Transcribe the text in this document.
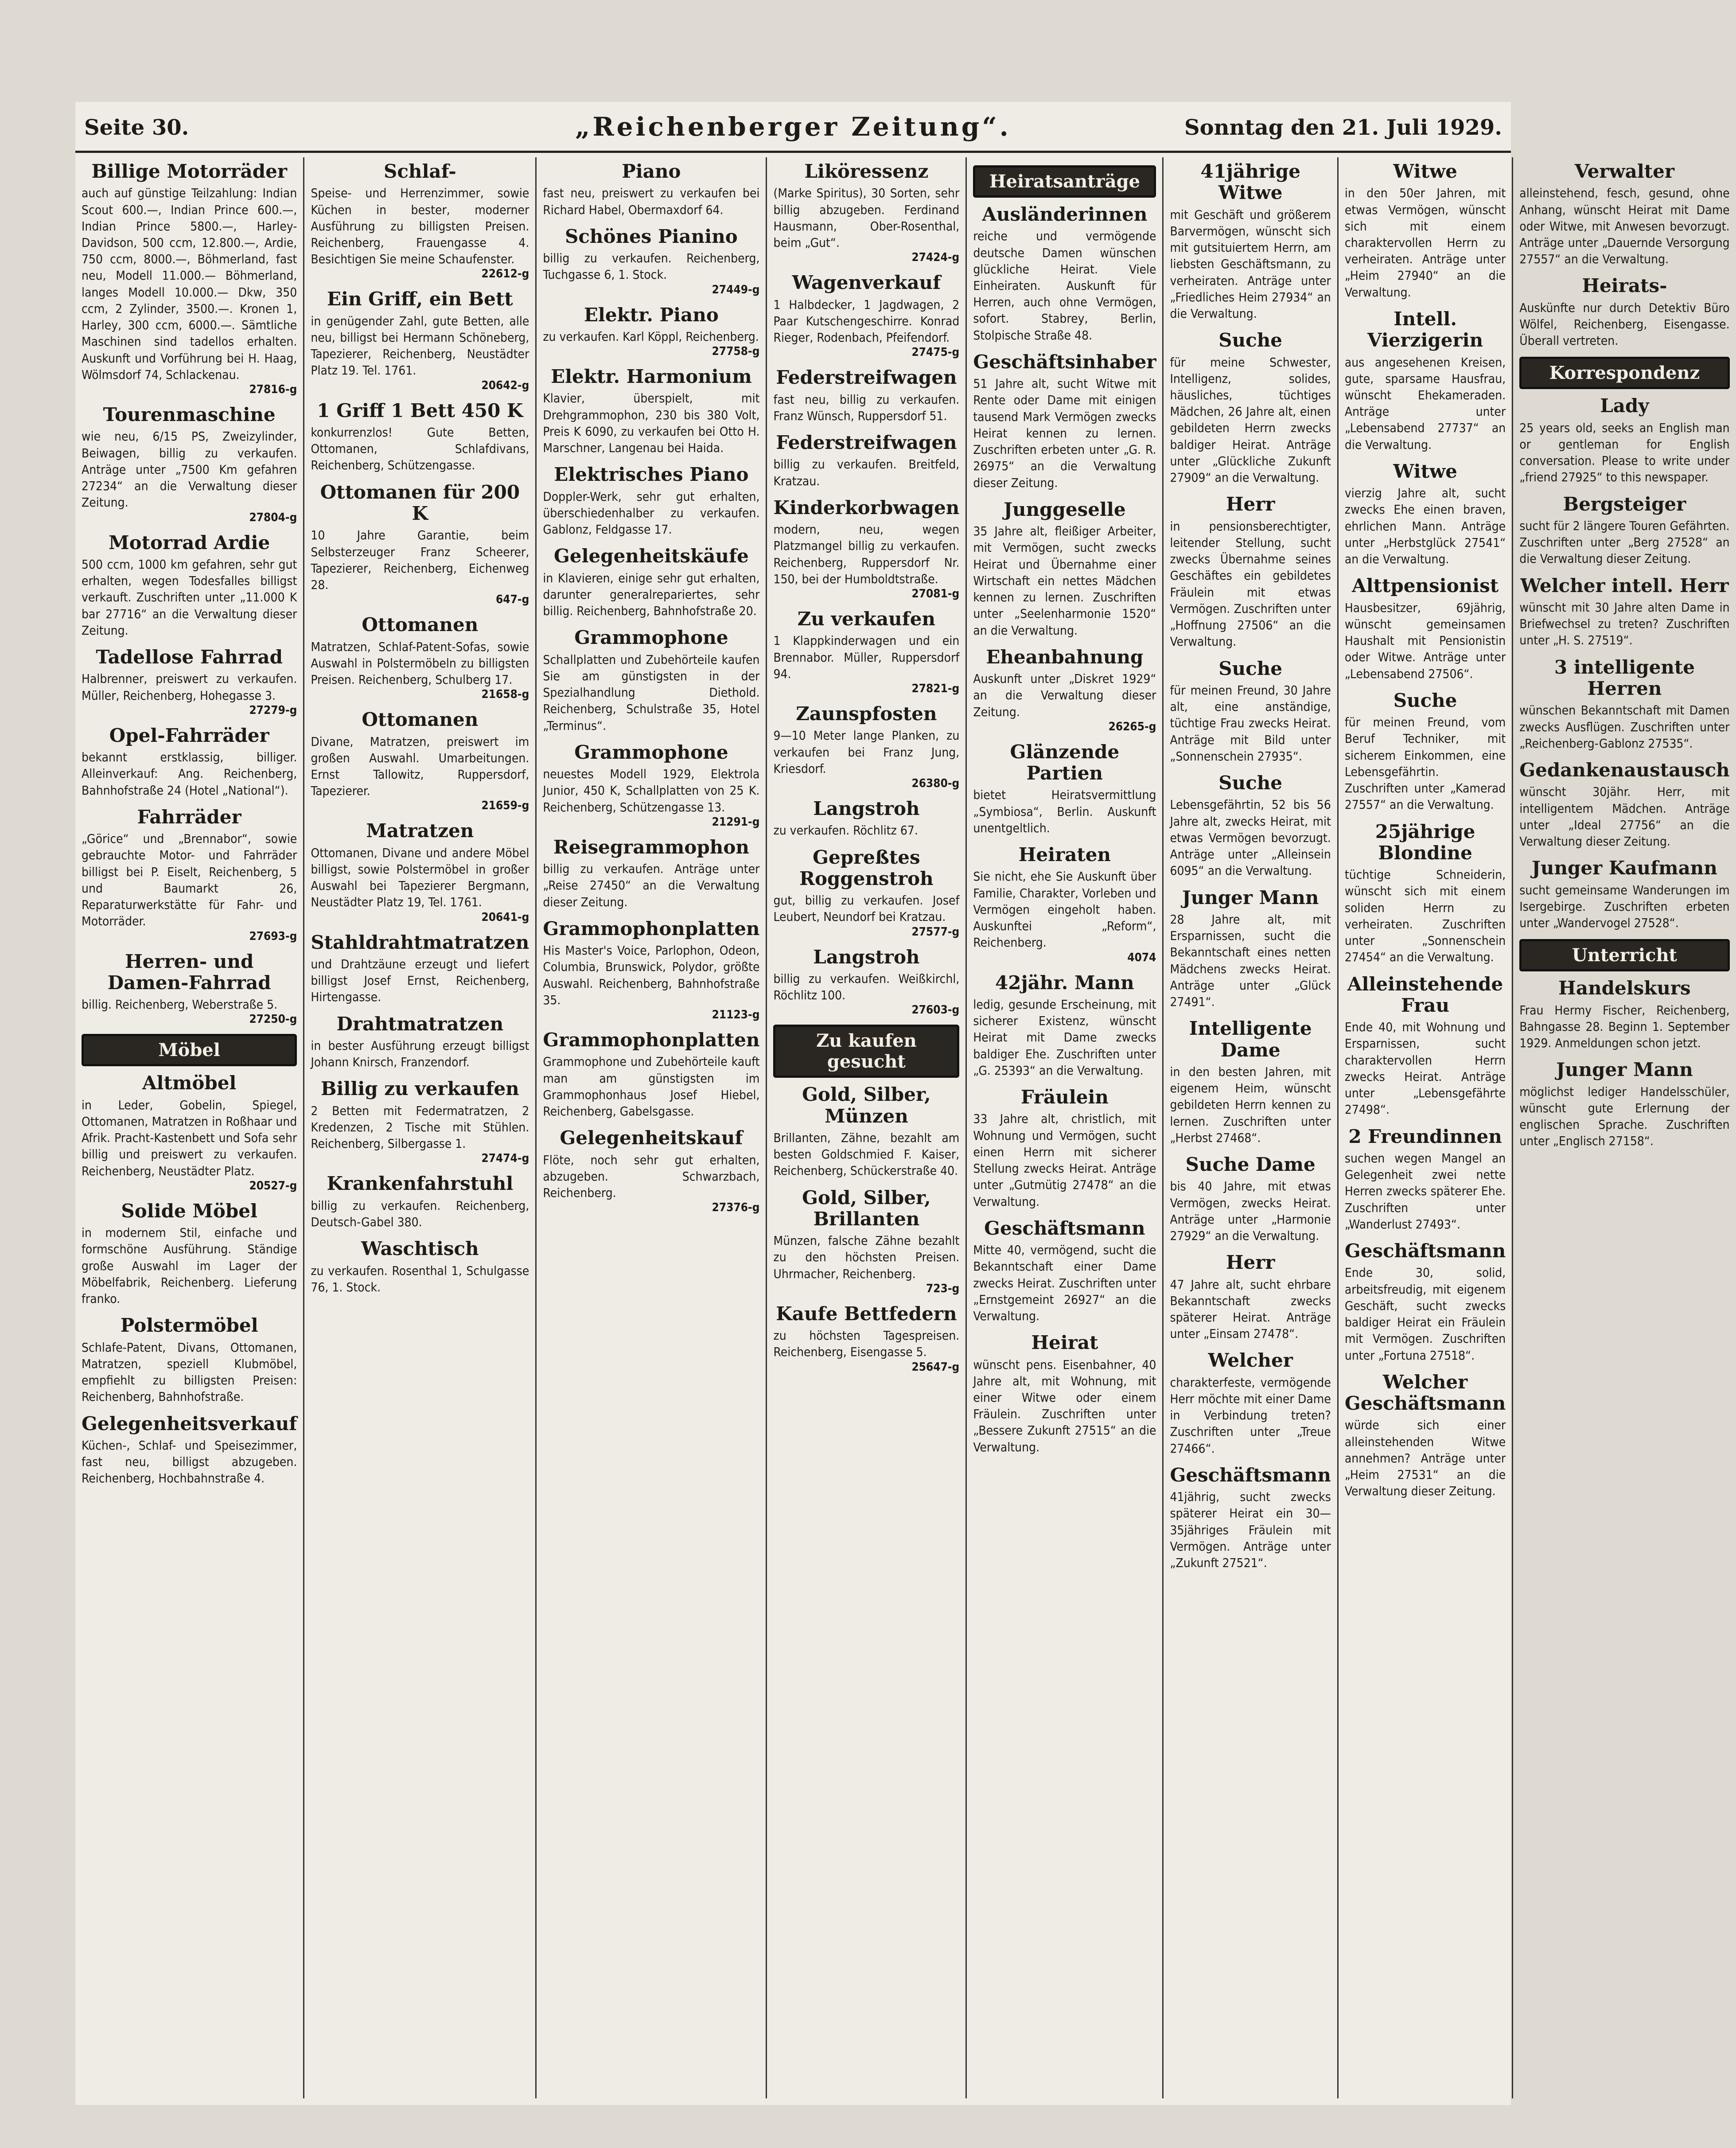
Seite 30.	„Reichenberger Zeitung“.	Sonntag den 21. Juli 1929.
Billige Motorräder

auch auf günstige Teilzahlung: Indian Scout 600.—, Indian Prince 600.—, Indian Prince 5800.—, Harley-Davidson, 500 ccm, 12.800.—, Ardie, 750 ccm, 8000.—, Böhmerland, fast neu, Modell 11.000.— Böhmerland, langes Modell 10.000.— Dkw, 350 ccm, 2 Zylinder, 3500.—. Kronen 1, Harley, 300 ccm, 6000.—. Sämtliche Maschinen sind tadellos erhalten. Auskunft und Vorführung bei H. Haag, Wölmsdorf 74, Schlackenau.

27816-g
Tourenmaschine

wie neu, 6/15 PS, Zweizylinder, Beiwagen, billig zu verkaufen. Anträge unter „7500 Km gefahren 27234“ an die Verwaltung dieser Zeitung.

27804-g
Motorrad Ardie

500 ccm, 1000 km gefahren, sehr gut erhalten, wegen Todesfalles billigst verkauft. Zuschriften unter „11.000 K bar 27716“ an die Verwaltung dieser Zeitung.

Tadellose Fahrrad

Halbrenner, preiswert zu verkaufen. Müller, Reichenberg, Hohegasse 3.

27279-g
Opel-Fahrräder

bekannt erstklassig, billiger. Alleinverkauf: Ang. Reichenberg, Bahnhofstraße 24 (Hotel „National“).

Fahrräder

„Görice“ und „Brennabor“, sowie gebrauchte Motor- und Fahrräder billigst bei P. Eiselt, Reichenberg, 5 und Baumarkt 26, Reparaturwerkstätte für Fahr- und Motorräder.

27693-g
Herren- und Damen-Fahrrad

billig. Reichenberg, Weberstraße 5.

27250-g
Möbel
Altmöbel

in Leder, Gobelin, Spiegel, Ottomanen, Matratzen in Roßhaar und Afrik. Pracht-Kastenbett und Sofa sehr billig und preiswert zu verkaufen. Reichenberg, Neustädter Platz.

20527-g
Solide Möbel

in modernem Stil, einfache und formschöne Ausführung. Ständige große Auswahl im Lager der Möbelfabrik, Reichenberg. Lieferung franko.

Polstermöbel

Schlafe-Patent, Divans, Ottomanen, Matratzen, speziell Klubmöbel, empfiehlt zu billigsten Preisen: Reichenberg, Bahnhofstraße.

Gelegenheitsverkauf

Küchen-, Schlaf- und Speisezimmer, fast neu, billigst abzugeben. Reichenberg, Hochbahnstraße 4.

Schlaf-

Speise- und Herrenzimmer, sowie Küchen in bester, moderner Ausführung zu billigsten Preisen. Reichenberg, Frauengasse 4. Besichtigen Sie meine Schaufenster.

22612-g
Ein Griff, ein Bett

in genügender Zahl, gute Betten, alle neu, billigst bei Hermann Schöneberg, Tapezierer, Reichenberg, Neustädter Platz 19. Tel. 1761.

20642-g
1 Griff 1 Bett 450 K

konkurrenzlos! Gute Betten, Ottomanen, Schlafdivans, Reichenberg, Schützengasse.

Ottomanen für 200 K

10 Jahre Garantie, beim Selbsterzeuger Franz Scheerer, Tapezierer, Reichenberg, Eichenweg 28.

647-g
Ottomanen

Matratzen, Schlaf-Patent-Sofas, sowie Auswahl in Polstermöbeln zu billigsten Preisen. Reichenberg, Schulberg 17.

21658-g
Ottomanen

Divane, Matratzen, preiswert im großen Auswahl. Umarbeitungen. Ernst Tallowitz, Ruppersdorf, Tapezierer.

21659-g
Matratzen

Ottomanen, Divane und andere Möbel billigst, sowie Polstermöbel in großer Auswahl bei Tapezierer Bergmann, Neustädter Platz 19, Tel. 1761.

20641-g
Stahldrahtmatratzen

und Drahtzäune erzeugt und liefert billigst Josef Ernst, Reichenberg, Hirtengasse.

Drahtmatratzen

in bester Ausführung erzeugt billigst Johann Knirsch, Franzendorf.

Billig zu verkaufen

2 Betten mit Federmatratzen, 2 Kredenzen, 2 Tische mit Stühlen. Reichenberg, Silbergasse 1.

27474-g
Krankenfahrstuhl

billig zu verkaufen. Reichenberg, Deutsch-Gabel 380.

Waschtisch

zu verkaufen. Rosenthal 1, Schulgasse 76, 1. Stock.

Piano

fast neu, preiswert zu verkaufen bei Richard Habel, Obermaxdorf 64.

Schönes Pianino

billig zu verkaufen. Reichenberg, Tuchgasse 6, 1. Stock.

27449-g
Elektr. Piano

zu verkaufen. Karl Köppl, Reichenberg.

27758-g
Elektr. Harmonium

Klavier, überspielt, mit Drehgrammophon, 230 bis 380 Volt, Preis K 6090, zu verkaufen bei Otto H. Marschner, Langenau bei Haida.

Elektrisches Piano

Doppler-Werk, sehr gut erhalten, überschiedenhalber zu verkaufen. Gablonz, Feldgasse 17.

Gelegenheitskäufe

in Klavieren, einige sehr gut erhalten, darunter generalrepariertes, sehr billig. Reichenberg, Bahnhofstraße 20.

Grammophone

Schallplatten und Zubehörteile kaufen Sie am günstigsten in der Spezialhandlung Diethold. Reichenberg, Schulstraße 35, Hotel „Terminus“.

Grammophone

neuestes Modell 1929, Elektrola Junior, 450 K, Schallplatten von 25 K. Reichenberg, Schützengasse 13.

21291-g
Reisegrammophon

billig zu verkaufen. Anträge unter „Reise 27450“ an die Verwaltung dieser Zeitung.

Grammophonplatten

His Master's Voice, Parlophon, Odeon, Columbia, Brunswick, Polydor, größte Auswahl. Reichenberg, Bahnhofstraße 35.

21123-g
Grammophonplatten

Grammophone und Zubehörteile kauft man am günstigsten im Grammophonhaus Josef Hiebel, Reichenberg, Gabelsgasse.

Gelegenheitskauf

Flöte, noch sehr gut erhalten, abzugeben. Schwarzbach, Reichenberg.

27376-g
Liköressenz

(Marke Spiritus), 30 Sorten, sehr billig abzugeben. Ferdinand Hausmann, Ober-Rosenthal, beim „Gut“.

27424-g
Wagenverkauf

1 Halbdecker, 1 Jagdwagen, 2 Paar Kutschengeschirre. Konrad Rieger, Rodenbach, Pfeifendorf.

27475-g
Federstreifwagen

fast neu, billig zu verkaufen. Franz Wünsch, Ruppersdorf 51.

Federstreifwagen

billig zu verkaufen. Breitfeld, Kratzau.

Kinderkorbwagen

modern, neu, wegen Platzmangel billig zu verkaufen. Reichenberg, Ruppersdorf Nr. 150, bei der Humboldtstraße.

27081-g
Zu verkaufen

1 Klappkinderwagen und ein Brennabor. Müller, Ruppersdorf 94.

27821-g
Zaunspfosten

9—10 Meter lange Planken, zu verkaufen bei Franz Jung, Kriesdorf.

26380-g
Langstroh

zu verkaufen. Röchlitz 67.

Gepreßtes Roggenstroh

gut, billig zu verkaufen. Josef Leubert, Neundorf bei Kratzau.

27577-g
Langstroh

billig zu verkaufen. Weißkirchl, Röchlitz 100.

27603-g
Zu kaufen gesucht
Gold, Silber, Münzen

Brillanten, Zähne, bezahlt am besten Goldschmied F. Kaiser, Reichenberg, Schückerstraße 40.

Gold, Silber, Brillanten

Münzen, falsche Zähne bezahlt zu den höchsten Preisen. Uhrmacher, Reichenberg.

723-g
Kaufe Bettfedern

zu höchsten Tagespreisen. Reichenberg, Eisengasse 5.

25647-g
Heiratsanträge
Ausländerinnen

reiche und vermögende deutsche Damen wünschen glückliche Heirat. Viele Einheiraten. Auskunft für Herren, auch ohne Vermögen, sofort. Stabrey, Berlin, Stolpische Straße 48.

Geschäftsinhaber

51 Jahre alt, sucht Witwe mit Rente oder Dame mit einigen tausend Mark Vermögen zwecks Heirat kennen zu lernen. Zuschriften erbeten unter „G. R. 26975“ an die Verwaltung dieser Zeitung.

Junggeselle

35 Jahre alt, fleißiger Arbeiter, mit Vermögen, sucht zwecks Heirat und Übernahme einer Wirtschaft ein nettes Mädchen kennen zu lernen. Zuschriften unter „Seelenharmonie 1520“ an die Verwaltung.

Eheanbahnung

Auskunft unter „Diskret 1929“ an die Verwaltung dieser Zeitung.

26265-g
Glänzende Partien

bietet Heiratsvermittlung „Symbiosa“, Berlin. Auskunft unentgeltlich.

Heiraten

Sie nicht, ehe Sie Auskunft über Familie, Charakter, Vorleben und Vermögen eingeholt haben. Auskunftei „Reform“, Reichenberg.

4074
42jähr. Mann

ledig, gesunde Erscheinung, mit sicherer Existenz, wünscht Heirat mit Dame zwecks baldiger Ehe. Zuschriften unter „G. 25393“ an die Verwaltung.

Fräulein

33 Jahre alt, christlich, mit Wohnung und Vermögen, sucht einen Herrn mit sicherer Stellung zwecks Heirat. Anträge unter „Gutmütig 27478“ an die Verwaltung.

Geschäftsmann

Mitte 40, vermögend, sucht die Bekanntschaft einer Dame zwecks Heirat. Zuschriften unter „Ernstgemeint 26927“ an die Verwaltung.

Heirat

wünscht pens. Eisenbahner, 40 Jahre alt, mit Wohnung, mit einer Witwe oder einem Fräulein. Zuschriften unter „Bessere Zukunft 27515“ an die Verwaltung.

41jährige Witwe

mit Geschäft und größerem Barvermögen, wünscht sich mit gutsituiertem Herrn, am liebsten Geschäftsmann, zu verheiraten. Anträge unter „Friedliches Heim 27934“ an die Verwaltung.

Suche

für meine Schwester, Intelligenz, solides, häusliches, tüchtiges Mädchen, 26 Jahre alt, einen gebildeten Herrn zwecks baldiger Heirat. Anträge unter „Glückliche Zukunft 27909“ an die Verwaltung.

Herr

in pensionsberechtigter, leitender Stellung, sucht zwecks Übernahme seines Geschäftes ein gebildetes Fräulein mit etwas Vermögen. Zuschriften unter „Hoffnung 27506“ an die Verwaltung.

Suche

für meinen Freund, 30 Jahre alt, eine anständige, tüchtige Frau zwecks Heirat. Anträge mit Bild unter „Sonnenschein 27935“.

Suche

Lebensgefährtin, 52 bis 56 Jahre alt, zwecks Heirat, mit etwas Vermögen bevorzugt. Anträge unter „Alleinsein 6095“ an die Verwaltung.

Junger Mann

28 Jahre alt, mit Ersparnissen, sucht die Bekanntschaft eines netten Mädchens zwecks Heirat. Anträge unter „Glück 27491“.

Intelligente Dame

in den besten Jahren, mit eigenem Heim, wünscht gebildeten Herrn kennen zu lernen. Zuschriften unter „Herbst 27468“.

Suche Dame

bis 40 Jahre, mit etwas Vermögen, zwecks Heirat. Anträge unter „Harmonie 27929“ an die Verwaltung.

Herr

47 Jahre alt, sucht ehrbare Bekanntschaft zwecks späterer Heirat. Anträge unter „Einsam 27478“.

Welcher

charakterfeste, vermögende Herr möchte mit einer Dame in Verbindung treten? Zuschriften unter „Treue 27466“.

Geschäftsmann

41jährig, sucht zwecks späterer Heirat ein 30—35jähriges Fräulein mit Vermögen. Anträge unter „Zukunft 27521“.

Witwe

in den 50er Jahren, mit etwas Vermögen, wünscht sich mit einem charaktervollen Herrn zu verheiraten. Anträge unter „Heim 27940“ an die Verwaltung.

Intell. Vierzigerin

aus angesehenen Kreisen, gute, sparsame Hausfrau, wünscht Ehekameraden. Anträge unter „Lebensabend 27737“ an die Verwaltung.

Witwe

vierzig Jahre alt, sucht zwecks Ehe einen braven, ehrlichen Mann. Anträge unter „Herbstglück 27541“ an die Verwaltung.

Alttpensionist

Hausbesitzer, 69jährig, wünscht gemeinsamen Haushalt mit Pensionistin oder Witwe. Anträge unter „Lebensabend 27506“.

Suche

für meinen Freund, vom Beruf Techniker, mit sicherem Einkommen, eine Lebensgefährtin. Zuschriften unter „Kamerad 27557“ an die Verwaltung.

25jährige Blondine

tüchtige Schneiderin, wünscht sich mit einem soliden Herrn zu verheiraten. Zuschriften unter „Sonnenschein 27454“ an die Verwaltung.

Alleinstehende Frau

Ende 40, mit Wohnung und Ersparnissen, sucht charaktervollen Herrn zwecks Heirat. Anträge unter „Lebensgefährte 27498“.

2 Freundinnen

suchen wegen Mangel an Gelegenheit zwei nette Herren zwecks späterer Ehe. Zuschriften unter „Wanderlust 27493“.

Geschäftsmann

Ende 30, solid, arbeitsfreudig, mit eigenem Geschäft, sucht zwecks baldiger Heirat ein Fräulein mit Vermögen. Zuschriften unter „Fortuna 27518“.

Welcher Geschäftsmann

würde sich einer alleinstehenden Witwe annehmen? Anträge unter „Heim 27531“ an die Verwaltung dieser Zeitung.

Verwalter

alleinstehend, fesch, gesund, ohne Anhang, wünscht Heirat mit Dame oder Witwe, mit Anwesen bevorzugt. Anträge unter „Dauernde Versorgung 27557“ an die Verwaltung.

Heirats-

Auskünfte nur durch Detektiv Büro Wölfel, Reichenberg, Eisengasse. Überall vertreten.

Korrespondenz
Lady

25 years old, seeks an English man or gentleman for English conversation. Please to write under „friend 27925“ to this newspaper.

Bergsteiger

sucht für 2 längere Touren Gefährten. Zuschriften unter „Berg 27528“ an die Verwaltung dieser Zeitung.

Welcher intell. Herr

wünscht mit 30 Jahre alten Dame in Briefwechsel zu treten? Zuschriften unter „H. S. 27519“.

3 intelligente Herren

wünschen Bekanntschaft mit Damen zwecks Ausflügen. Zuschriften unter „Reichenberg-Gablonz 27535“.

Gedankenaustausch

wünscht 30jähr. Herr, mit intelligentem Mädchen. Anträge unter „Ideal 27756“ an die Verwaltung dieser Zeitung.

Junger Kaufmann

sucht gemeinsame Wanderungen im Isergebirge. Zuschriften erbeten unter „Wandervogel 27528“.

Unterricht
Handelskurs

Frau Hermy Fischer, Reichenberg, Bahngasse 28. Beginn 1. September 1929. Anmeldungen schon jetzt.

Junger Mann

möglichst lediger Handelsschüler, wünscht gute Erlernung der englischen Sprache. Zuschriften unter „Englisch 27158“.
